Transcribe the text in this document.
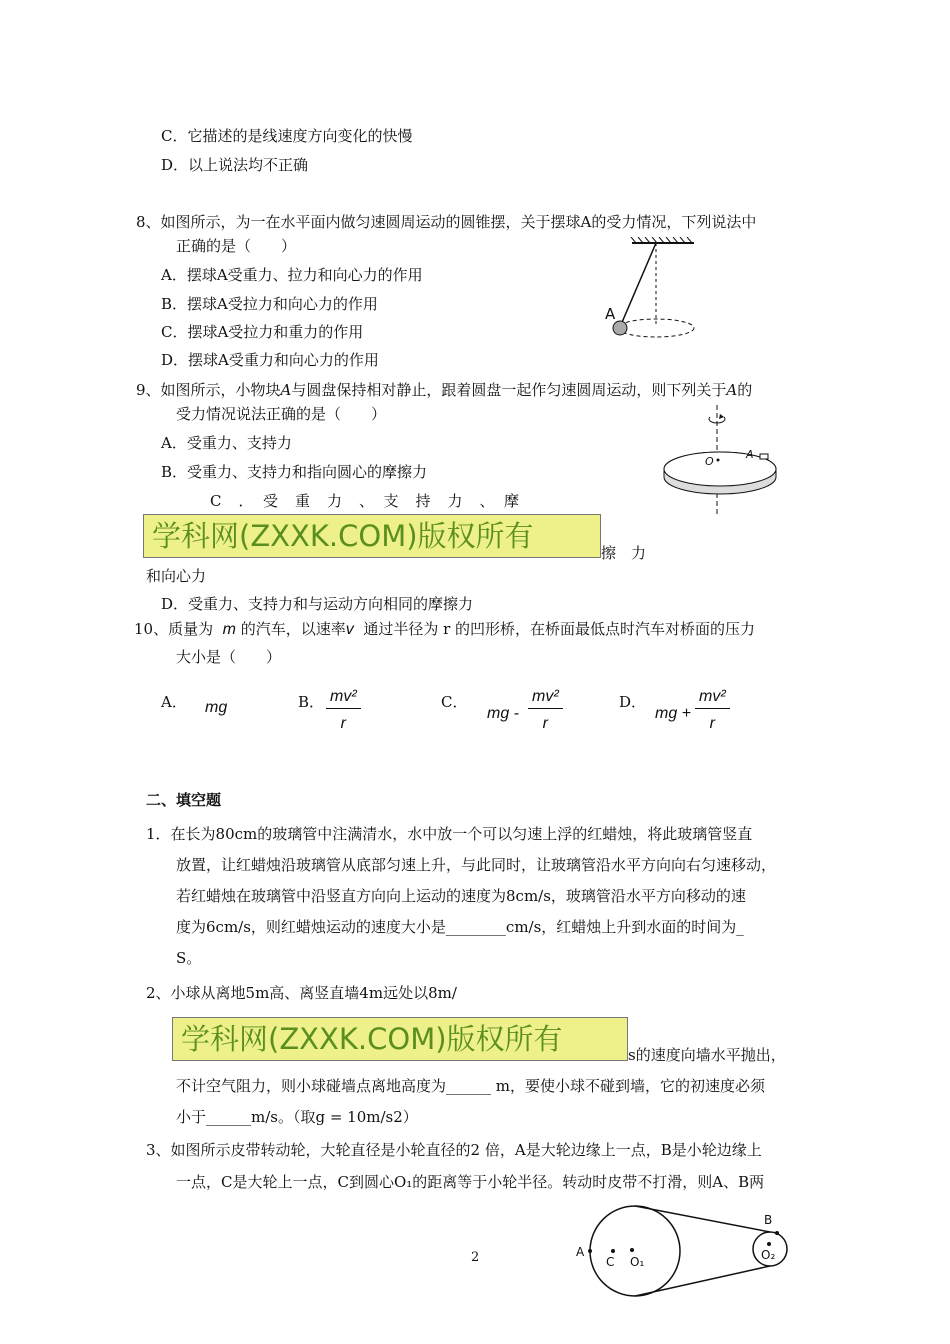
C．它描述的是线速度方向变化的快慢
D．以上说法均不正确
8、如图所示，为一在水平面内做匀速圆周运动的圆锥摆，关于摆球A的受力情况，下列说法中
正确的是（　　）
A．摆球A受重力、拉力和向心力的作用
B．摆球A受拉力和向心力的作用
C．摆球A受拉力和重力的作用
D．摆球A受重力和向心力的作用
A
9、如图所示，小物块A与圆盘保持相对静止，跟着圆盘一起作匀速圆周运动，则下列关于A的
受力情况说法正确的是（　　）
A．受重力、支持力
B．受重力、支持力和指向圆心的摩擦力
C　．　受　重　力　、　支　持　力　、　摩
擦　力
和向心力
D．受重力、支持力和与运动方向相同的摩擦力
O
A
学科网(ZXXK.COM)版权所有
10、质量为 m 的汽车，以速率v 通过半径为 r 的凹形桥，在桥面最低点时汽车对桥面的压力
大小是（　　）
A． mg	B． $\frac{\text{mv²}}{r}$	C．
mg - $\frac{\text{mv²}}{r}$	D．
mg + $\frac{\text{mv²}}{r}$
二、填空题
1．在长为80cm的玻璃管中注满清水，水中放一个可以匀速上浮的红蜡烛，将此玻璃管竖直
放置，让红蜡烛沿玻璃管从底部匀速上升，与此同时，让玻璃管沿水平方向向右匀速移动，
若红蜡烛在玻璃管中沿竖直方向向上运动的速度为8cm/s，玻璃管沿水平方向移动的速
度为6cm/s，则红蜡烛运动的速度大小是________cm/s，红蜡烛上升到水面的时间为_
S。
2、小球从离地5m高、离竖直墙4m远处以8m/
学科网(ZXXK.COM)版权所有	s的速度向墙水平抛出，
不计空气阻力，则小球碰墙点离地高度为______ m，要使小球不碰到墙，它的初速度必须
小于______m/s。（取g = 10m/s2）
3、如图所示皮带转动轮，大轮直径是小轮直径的2 倍，A是大轮边缘上一点，B是小轮边缘上
一点，C是大轮上一点，C到圆心O₁的距离等于小轮半径。转动时皮带不打滑，则A、B两
A
C O₁
B
O₂
2
